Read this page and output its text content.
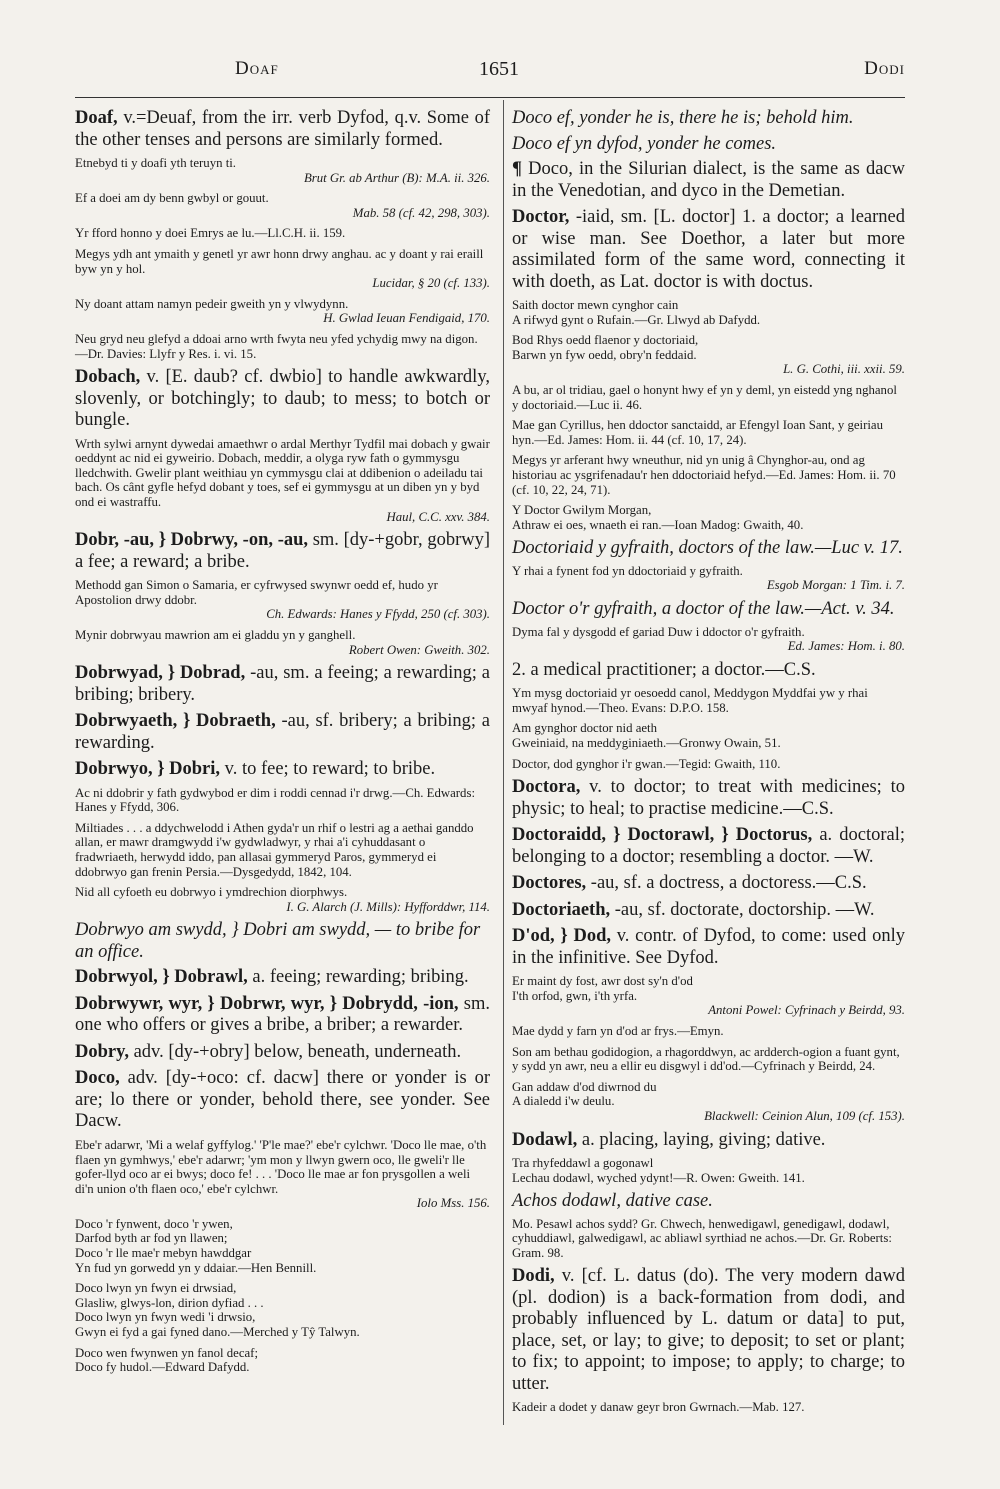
Doaf	1651	Dodi

Doaf, v.=Deuaf, from the irr. verb Dyfod, q.v. Some of the other tenses and persons are similarly formed.

Etnebyd ti y doafi yth teruyn ti.
Brut Gr. ab Arthur (B): M.A. ii. 326.
Ef a doei am dy benn gwbyl or gouut.
Mab. 58 (cf. 42, 298, 303).
Yr fford honno y doei Emrys ae lu.—Ll.C.H. ii. 159.
Megys ydh ant ymaith y genetl yr awr honn drwy anghau. ac y doant y rai eraill byw yn y hol.
Lucidar, § 20 (cf. 133).
Ny doant attam namyn pedeir gweith yn y vlwydynn.
H. Gwlad Ieuan Fendigaid, 170.
Neu gryd neu glefyd a ddoai arno wrth fwyta neu yfed ychydig mwy na digon.—Dr. Davies: Llyfr y Res. i. vi. 15.

Dobach, v. [E. daub? cf. dwbio] to handle awkwardly, slovenly, or botchingly; to daub; to mess; to botch or bungle.

Wrth sylwi arnynt dywedai amaethwr o ardal Merthyr Tydfil mai dobach y gwair oeddynt ac nid ei gyweirio. Dobach, meddir, a olyga ryw fath o gymmysgu lledchwith. Gwelir plant weithiau yn cymmysgu clai at ddibenion o adeiladu tai bach. Os cânt gyfle hefyd dobant y toes, sef ei gymmysgu at un diben yn y byd ond ei wastraffu.
Haul, C.C. xxv. 384.

Dobr, -au, } Dobrwy, -on, -au, sm. [dy-+gobr, gobrwy] a fee; a reward; a bribe.

Methodd gan Simon o Samaria, er cyfrwysed swynwr oedd ef, hudo yr Apostolion drwy ddobr.
Ch. Edwards: Hanes y Ffydd, 250 (cf. 303).
Mynir dobrwyau mawrion am ei gladdu yn y ganghell.
Robert Owen: Gweith. 302.

Dobrwyad, } Dobrad, -au, sm. a feeing; a rewarding; a bribing; bribery.

Dobrwyaeth, } Dobraeth, -au, sf. bribery; a bribing; a rewarding.

Dobrwyo, } Dobri, v. to fee; to reward; to bribe.

Ac ni ddobrir y fath gydwybod er dim i roddi cennad i'r drwg.—Ch. Edwards: Hanes y Ffydd, 306.
Miltiades . . . a ddychwelodd i Athen gyda'r un rhif o lestri ag a aethai ganddo allan, er mawr dramgwydd i'w gydwladwyr, y rhai a'i cyhuddasant o fradwriaeth, herwydd iddo, pan allasai gymmeryd Paros, gymmeryd ei ddobrwyo gan frenin Persia.—Dysgedydd, 1842, 104.
Nid all cyfoeth eu dobrwyo i ymdrechion diorphwys.
I. G. Alarch (J. Mills): Hyfforddwr, 114.

Dobrwyo am swydd, } Dobri am swydd, — to bribe for an office.

Dobrwyol, } Dobrawl, a. feeing; rewarding; bribing.

Dobrwywr, wyr, } Dobrwr, wyr, } Dobrydd, -ion, sm. one who offers or gives a bribe, a briber; a rewarder.

Dobry, adv. [dy-+obry] below, beneath, underneath.

Doco, adv. [dy-+oco: cf. dacw] there or yonder is or are; lo there or yonder, behold there, see yonder. See Dacw.

Ebe'r adarwr, 'Mi a welaf gyffylog.' 'P'le mae?' ebe'r cylchwr. 'Doco lle mae, o'th flaen yn gymhwys,' ebe'r adarwr; 'ym mon y llwyn gwern oco, lle gweli'r lle gofer-llyd oco ar ei bwys; doco fe! . . . 'Doco lle mae ar fon prysgollen a weli di'n union o'th flaen oco,' ebe'r cylchwr.
Iolo Mss. 156.
Doco 'r fynwent, doco 'r ywen,
Darfod byth ar fod yn llawen;
Doco 'r lle mae'r mebyn hawddgar
Yn fud yn gorwedd yn y ddaiar.—Hen Bennill.
Doco lwyn yn fwyn ei drwsiad,
Glasliw, glwys-lon, dirion dyfiad . . .
Doco lwyn yn fwyn wedi 'i drwsio,
Gwyn ei fyd a gai fyned dano.—Merched y Tŷ Talwyn.
Doco wen fwynwen yn fanol decaf;
Doco fy hudol.—Edward Dafydd.

Doco ef, yonder he is, there he is; behold him.

Doco ef yn dyfod, yonder he comes.

¶ Doco, in the Silurian dialect, is the same as dacw in the Venedotian, and dyco in the Demetian.

Doctor, -iaid, sm. [L. doctor] 1. a doctor; a learned or wise man. See Doethor, a later but more assimilated form of the same word, connecting it with doeth, as Lat. doctor is with doctus.

Saith doctor mewn cynghor cain
A rifwyd gynt o Rufain.—Gr. Llwyd ab Dafydd.
Bod Rhys oedd flaenor y doctoriaid,
Barwn yn fyw oedd, obry'n feddaid.
L. G. Cothi, iii. xxii. 59.
A bu, ar ol tridiau, gael o honynt hwy ef yn y deml, yn eistedd yng nghanol y doctoriaid.—Luc ii. 46.
Mae gan Cyrillus, hen ddoctor sanctaidd, ar Efengyl Ioan Sant, y geiriau hyn.—Ed. James: Hom. ii. 44 (cf. 10, 17, 24).
Megys yr arferant hwy wneuthur, nid yn unig â Chynghor-au, ond ag historiau ac ysgrifenadau'r hen ddoctoriaid hefyd.—Ed. James: Hom. ii. 70 (cf. 10, 22, 24, 71).
Y Doctor Gwilym Morgan,
Athraw ei oes, wnaeth ei ran.—Ioan Madog: Gwaith, 40.

Doctoriaid y gyfraith, doctors of the law.—Luc v. 17.

Y rhai a fynent fod yn ddoctoriaid y gyfraith.
Esgob Morgan: 1 Tim. i. 7.

Doctor o'r gyfraith, a doctor of the law.—Act. v. 34.

Dyma fal y dysgodd ef gariad Duw i ddoctor o'r gyfraith.
Ed. James: Hom. i. 80.

2. a medical practitioner; a doctor.—C.S.

Ym mysg doctoriaid yr oesoedd canol, Meddygon Myddfai yw y rhai mwyaf hynod.—Theo. Evans: D.P.O. 158.
Am gynghor doctor nid aeth
Gweiniaid, na meddyginiaeth.—Gronwy Owain, 51.
Doctor, dod gynghor i'r gwan.—Tegid: Gwaith, 110.

Doctora, v. to doctor; to treat with medicines; to physic; to heal; to practise medicine.—C.S.

Doctoraidd, } Doctorawl, } Doctorus, a. doctoral; belonging to a doctor; resembling a doctor. —W.

Doctores, -au, sf. a doctress, a doctoress.—C.S.

Doctoriaeth, -au, sf. doctorate, doctorship. —W.

D'od, } Dod, v. contr. of Dyfod, to come: used only in the infinitive. See Dyfod.

Er maint dy fost, awr dost sy'n d'od
I'th orfod, gwn, i'th yrfa.
Antoni Powel: Cyfrinach y Beirdd, 93.
Mae dydd y farn yn d'od ar frys.—Emyn.
Son am bethau godidogion, a rhagorddwyn, ac ardderch-ogion a fuant gynt, y sydd yn awr, neu a ellir eu disgwyl i dd'od.—Cyfrinach y Beirdd, 24.
Gan addaw d'od diwrnod du
A dialedd i'w deulu.
Blackwell: Ceinion Alun, 109 (cf. 153).

Dodawl, a. placing, laying, giving; dative.

Tra rhyfeddawl a gogonawl
Lechau dodawl, wyched ydynt!—R. Owen: Gweith. 141.

Achos dodawl, dative case.

Mo. Pesawl achos sydd? Gr. Chwech, henwedigawl, genedigawl, dodawl, cyhuddiawl, galwedigawl, ac abliawl syrthiad ne achos.—Dr. Gr. Roberts: Gram. 98.

Dodi, v. [cf. L. datus (do). The very modern dawd (pl. dodion) is a back-formation from dodi, and probably influenced by L. datum or data] to put, place, set, or lay; to give; to deposit; to set or plant; to fix; to appoint; to impose; to apply; to charge; to utter.

Kadeir a dodet y danaw geyr bron Gwrnach.—Mab. 127.
